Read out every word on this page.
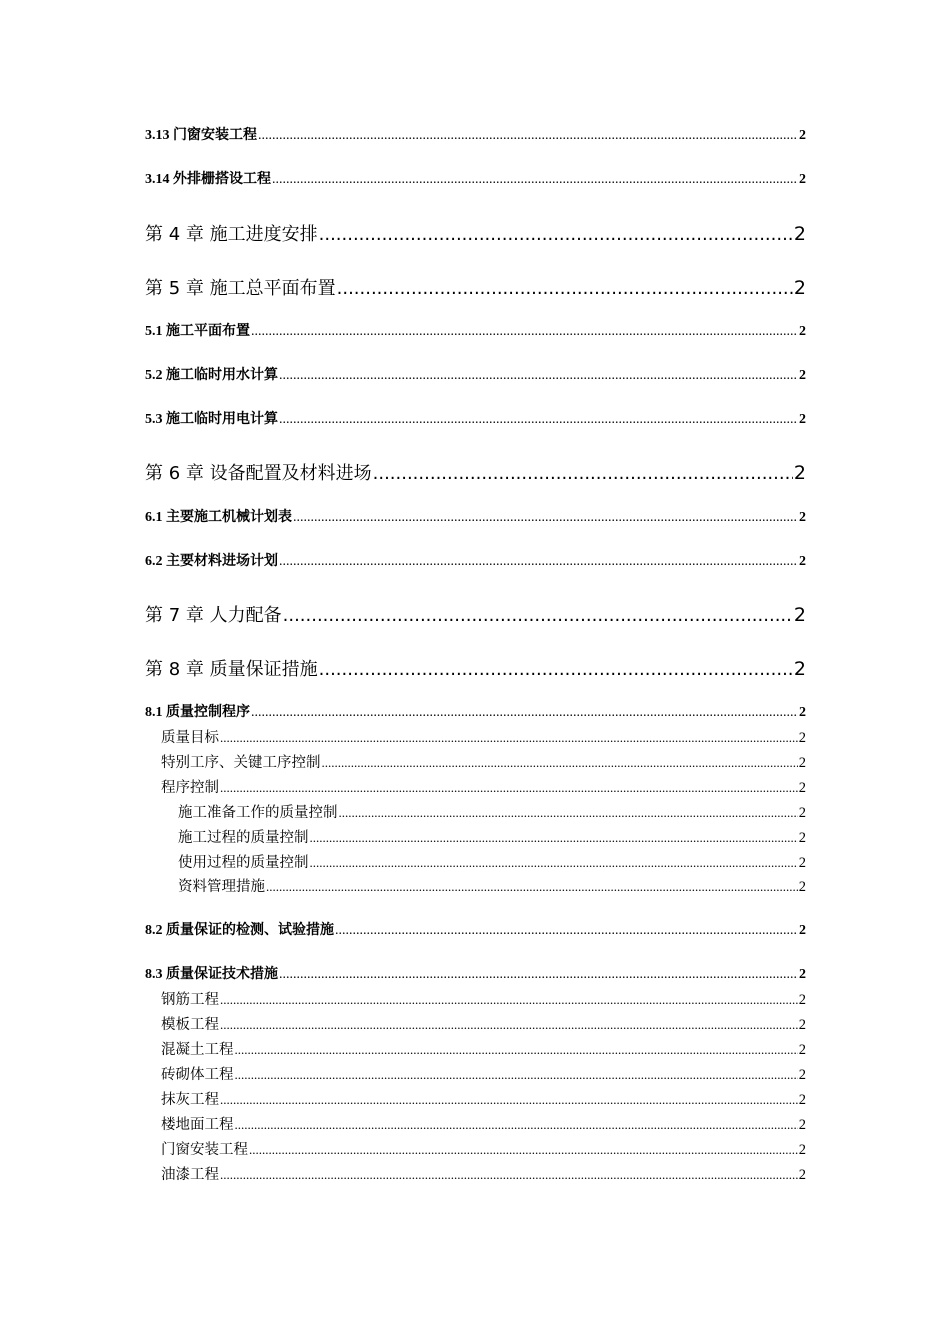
3.13 门窗安装工程 .....	2
3.14 外排栅搭设工程 .....	2
第 4 章 施工进度安排 .....	2
第 5 章 施工总平面布置 .....	2
5.1 施工平面布置 .....	2
5.2 施工临时用水计算 .....	2
5.3 施工临时用电计算 .....	2
第 6 章 设备配置及材料进场 .....	2
6.1 主要施工机械计划表 .....	2
6.2 主要材料进场计划 .....	2
第 7 章 人力配备 .....	2
第 8 章 质量保证措施 .....	2
8.1 质量控制程序 .....	2
质量目标 .....	2
特别工序、关键工序控制 .....	2
程序控制 .....	2
施工准备工作的质量控制 .....	2
施工过程的质量控制 .....	2
使用过程的质量控制 .....	2
资料管理措施 .....	2
8.2 质量保证的检测、试验措施 .....	2
8.3 质量保证技术措施 .....	2
钢筋工程 .....	2
模板工程 .....	2
混凝土工程 .....	2
砖砌体工程 .....	2
抹灰工程 .....	2
楼地面工程 .....	2
门窗安装工程 .....	2
油漆工程 .....	2
